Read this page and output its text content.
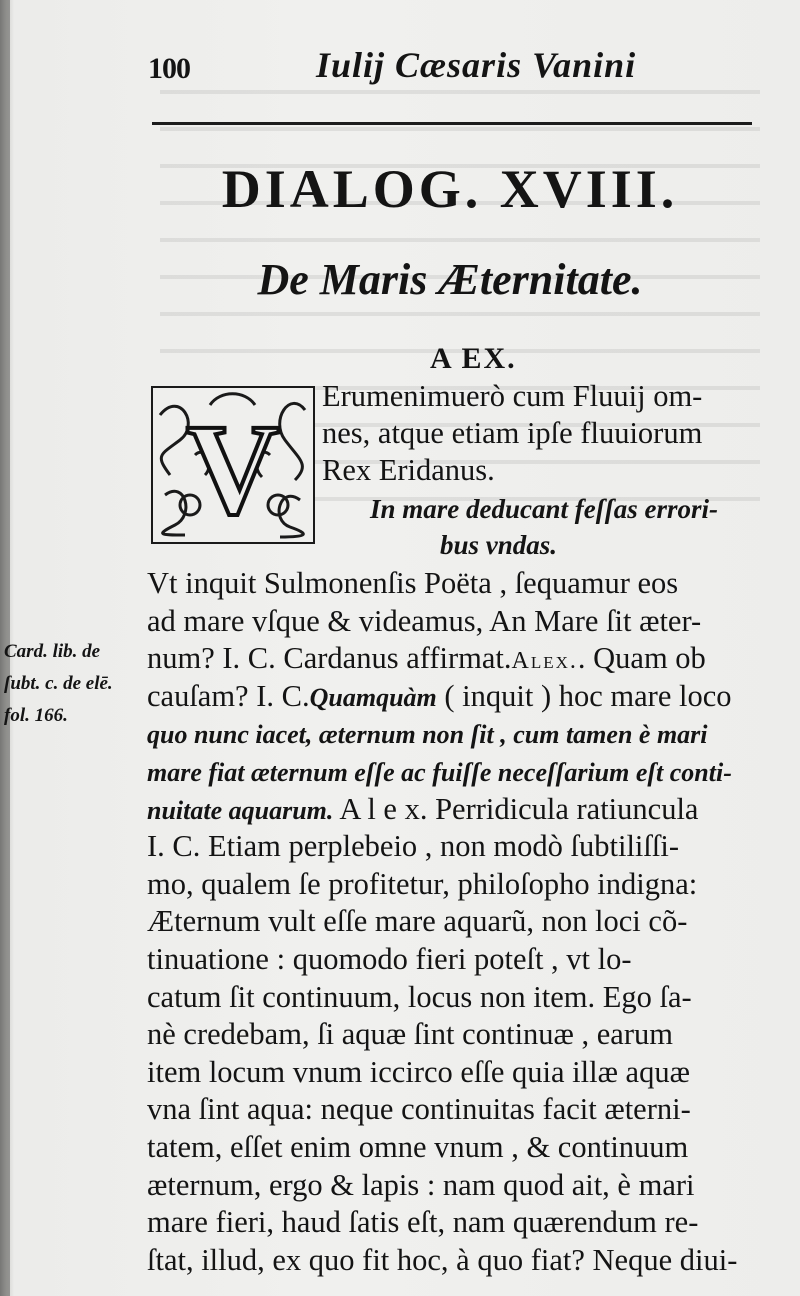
100	Iulij Cæsaris Vanini
DIALOG. XVIII.
De Maris Æternitate.
A EX.
V
Erumenimuerò cum Fluuij om-
nes, atque etiam ipſe fluuiorum
Rex Eridanus.
In mare deducant feſſas errori-
bus vndas.
Vt inquit Sulmonenſis Poëta , ſequamur eos
ad mare vſque & videamus, An Mare ſit æter-
num? I. C. Cardanus affirmat.Alex.. Quam ob
cauſam? I. C.Quamquàm ( inquit ) hoc mare loco
quo nunc iacet, æternum non ſit , cum tamen è mari
mare fiat æternum eſſe ac fuiſſe neceſſarium eſt conti-
nuitate aquarum. A l e x. Perridicula ratiuncula
I. C. Etiam perplebeio , non modò ſubtiliſſi-
mo, qualem ſe profitetur, philoſopho indigna:
Æternum vult eſſe mare aquarũ, non loci cõ-
tinuatione : quomodo fieri poteſt , vt lo-
catum ſit continuum, locus non item. Ego ſa-
nè credebam, ſi aquæ ſint continuæ , earum
item locum vnum iccirco eſſe quia illæ aquæ
vna ſint aqua: neque continuitas facit æterni-
tatem, eſſet enim omne vnum , & continuum
æternum, ergo & lapis : nam quod ait, è mari
mare fieri, haud ſatis eſt, nam quærendum re-
ſtat, illud, ex quo fit hoc, à quo fiat? Neque diui-
Card. lib. de
ſubt. c. de elē.
fol. 166.
